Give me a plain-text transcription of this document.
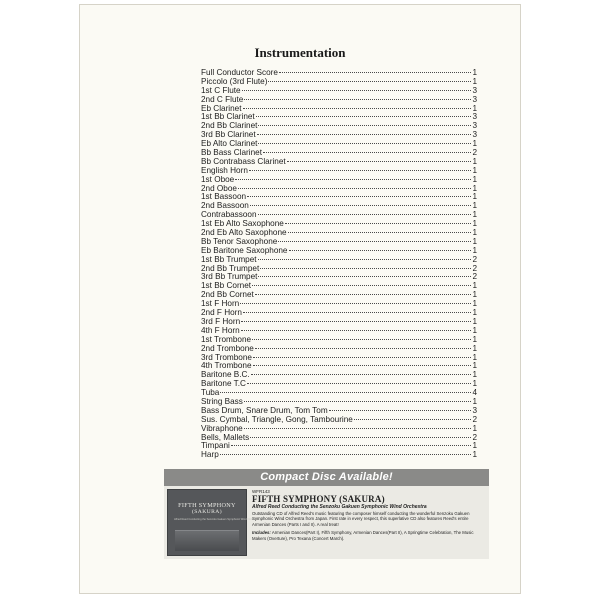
Instrumentation
Full Conductor Score	1
Piccolo (3rd Flute)	1
1st C Flute	3
2nd C Flute	3
Eb Clarinet	1
1st Bb Clarinet	3
2nd Bb Clarinet	3
3rd Bb Clarinet	3
Eb Alto Clarinet	1
Bb Bass Clarinet	2
Bb Contrabass Clarinet	1
English Horn	1
1st Oboe	1
2nd Oboe	1
1st Bassoon	1
2nd Bassoon	1
Contrabassoon	1
1st Eb Alto Saxophone	1
2nd Eb Alto Saxophone	1
Bb Tenor Saxophone	1
Eb Baritone Saxophone	1
1st Bb Trumpet	2
2nd Bb Trumpet	2
3rd Bb Trumpet	2
1st Bb Cornet	1
2nd Bb Cornet	1
1st F Horn	1
2nd F Horn	1
3rd F Horn	1
4th F Horn	1
1st Trombone	1
2nd Trombone	1
3rd Trombone	1
4th Trombone	1
Baritone B.C.	1
Baritone T.C	1
Tuba	4
String Bass	1
Bass Drum, Snare Drum, Tom Tom	3
Sus. Cymbal, Triangle, Gong, Tambourine	2
Vibraphone	1
Bells, Mallets	2
Timpani	1
Harp	1
Compact Disc Available!
FIFTH SYMPHONY
(SAKURA)
Alfred Reed Conducting the Senzoku Gakuen Symphonic Wind Orchestra
WFR143
FIFTH SYMPHONY (SAKURA)
Alfred Reed Conducting the Senzoku Gakuen Symphonic Wind Orchestra
Outstanding CD of Alfred Reed's music featuring the composer himself conducting the wonderful Senzoku Gakuen Symphonic Wind Orchestra from Japan. First rate in every respect, this superlative CD also features Reed's entire Armenian Dances (Parts I and II). A real treat!
Includes: Armenian Dances(Part I), Fifth Symphony, Armenian Dances(Part II), A Springtime Celebration, The Music Makers (Overture), Pro Texana (Concert March).
